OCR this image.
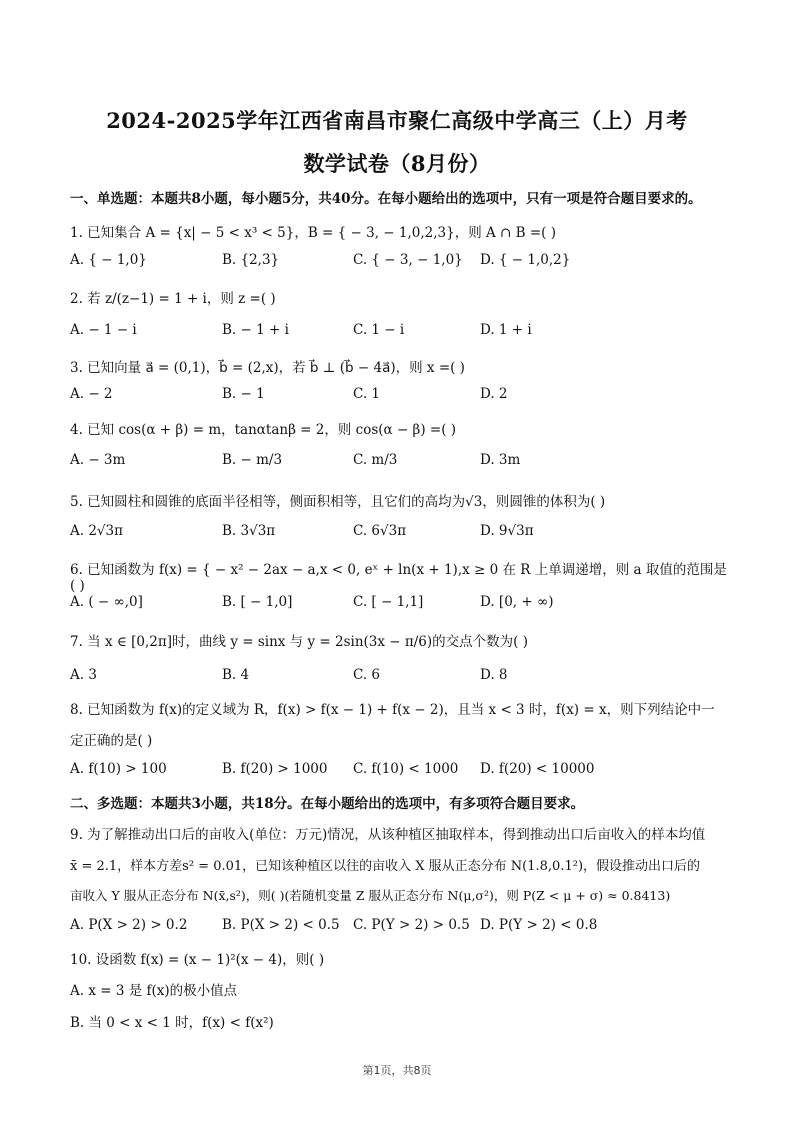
2024-2025学年江西省南昌市聚仁高级中学高三（上）月考
数学试卷（8月份）
一、单选题：本题共8小题，每小题5分，共40分。在每小题给出的选项中，只有一项是符合题目要求的。
1. 已知集合 A = {x| − 5 < x³ < 5}，B = { − 3, − 1,0,2,3}，则 A ∩ B =( )
A. { − 1,0}	B. {2,3}	C. { − 3, − 1,0} D. { − 1,0,2}
2. 若 z/(z−1) = 1 + i，则 z =( )
A. − 1 − i	B. − 1 + i	C. 1 − i	D. 1 + i
3. 已知向量 a⃗ = (0,1)，b⃗ = (2,x)，若 b⃗ ⊥ (b⃗ − 4a⃗)，则 x =( )
A. − 2	B. − 1	C. 1	D. 2
4. 已知 cos(α + β) = m，tanαtanβ = 2，则 cos(α − β) =( )
A. − 3m	B. − m/3	C. m/3	D. 3m
5. 已知圆柱和圆锥的底面半径相等，侧面积相等，且它们的高均为√3，则圆锥的体积为( )
A. 2√3π	B. 3√3π	C. 6√3π	D. 9√3π
6. 已知函数为 f(x) = { − x² − 2ax − a,x < 0, eˣ + ln(x + 1),x ≥ 0 在 R 上单调递增，则 a 取值的范围是( )
A. ( − ∞,0]	B. [ − 1,0]	C. [ − 1,1]	D. [0, + ∞)
7. 当 x ∈ [0,2π]时，曲线 y = sinx 与 y = 2sin(3x − π/6)的交点个数为( )
A. 3	B. 4	C. 6	D. 8
8. 已知函数为 f(x)的定义域为 R，f(x) > f(x − 1) + f(x − 2)，且当 x < 3 时，f(x) = x，则下列结论中一
定正确的是( )
A. f(10) > 100	B. f(20) > 1000 C. f(10) < 1000 D. f(20) < 10000
二、多选题：本题共3小题，共18分。在每小题给出的选项中，有多项符合题目要求。
9. 为了解推动出口后的亩收入(单位：万元)情况，从该种植区抽取样本，得到推动出口后亩收入的样本均值
x̄ = 2.1，样本方差s² = 0.01，已知该种植区以往的亩收入 X 服从正态分布 N(1.8,0.1²)，假设推动出口后的
亩收入 Y 服从正态分布 N(x̄,s²)，则( )(若随机变量 Z 服从正态分布 N(μ,σ²)，则 P(Z < μ + σ) ≈ 0.8413)
A. P(X > 2) > 0.2	B. P(X > 2) < 0.5 C. P(Y > 2) > 0.5 D. P(Y > 2) < 0.8
10. 设函数 f(x) = (x − 1)²(x − 4)，则( )
A. x = 3 是 f(x)的极小值点
B. 当 0 < x < 1 时，f(x) < f(x²)
第1页，共8页
